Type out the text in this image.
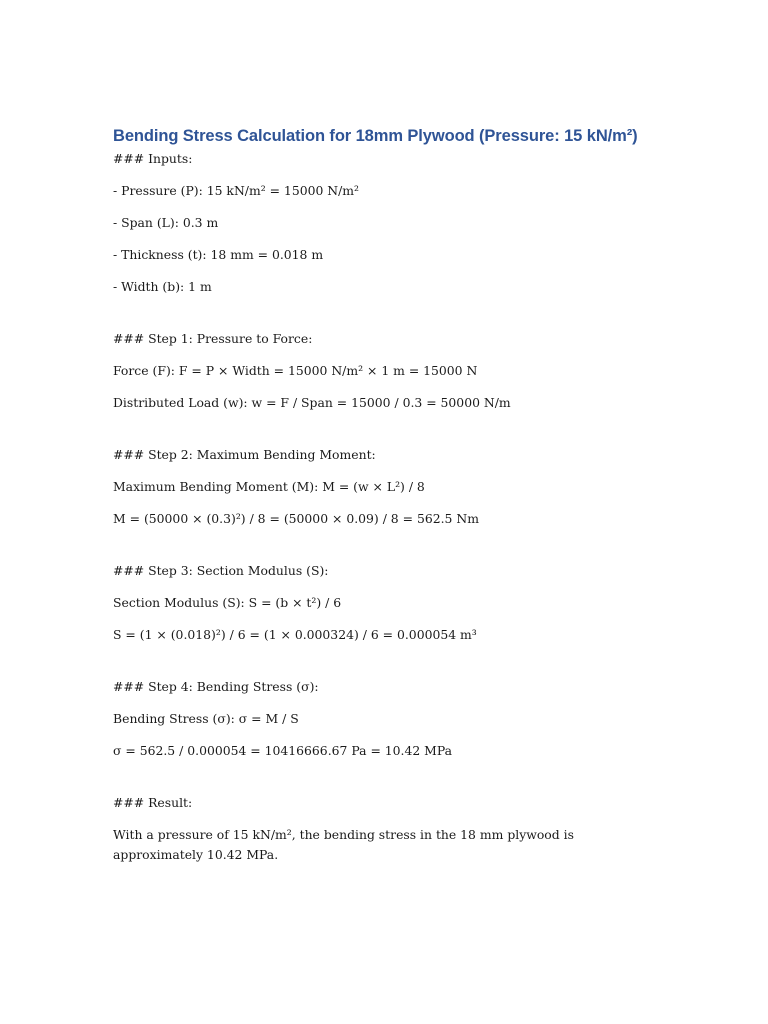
Bending Stress Calculation for 18mm Plywood (Pressure: 15 kN/m²)

### Inputs:

- Pressure (P): 15 kN/m² = 15000 N/m²

- Span (L): 0.3 m

- Thickness (t): 18 mm = 0.018 m

- Width (b): 1 m

### Step 1: Pressure to Force:

Force (F): F = P × Width = 15000 N/m² × 1 m = 15000 N

Distributed Load (w): w = F / Span = 15000 / 0.3 = 50000 N/m

### Step 2: Maximum Bending Moment:

Maximum Bending Moment (M): M = (w × L²) / 8

M = (50000 × (0.3)²) / 8 = (50000 × 0.09) / 8 = 562.5 Nm

### Step 3: Section Modulus (S):

Section Modulus (S): S = (b × t²) / 6

S = (1 × (0.018)²) / 6 = (1 × 0.000324) / 6 = 0.000054 m³

### Step 4: Bending Stress (σ):

Bending Stress (σ): σ = M / S

σ = 562.5 / 0.000054 = 10416666.67 Pa = 10.42 MPa

### Result:

With a pressure of 15 kN/m², the bending stress in the 18 mm plywood is approximately 10.42 MPa.
